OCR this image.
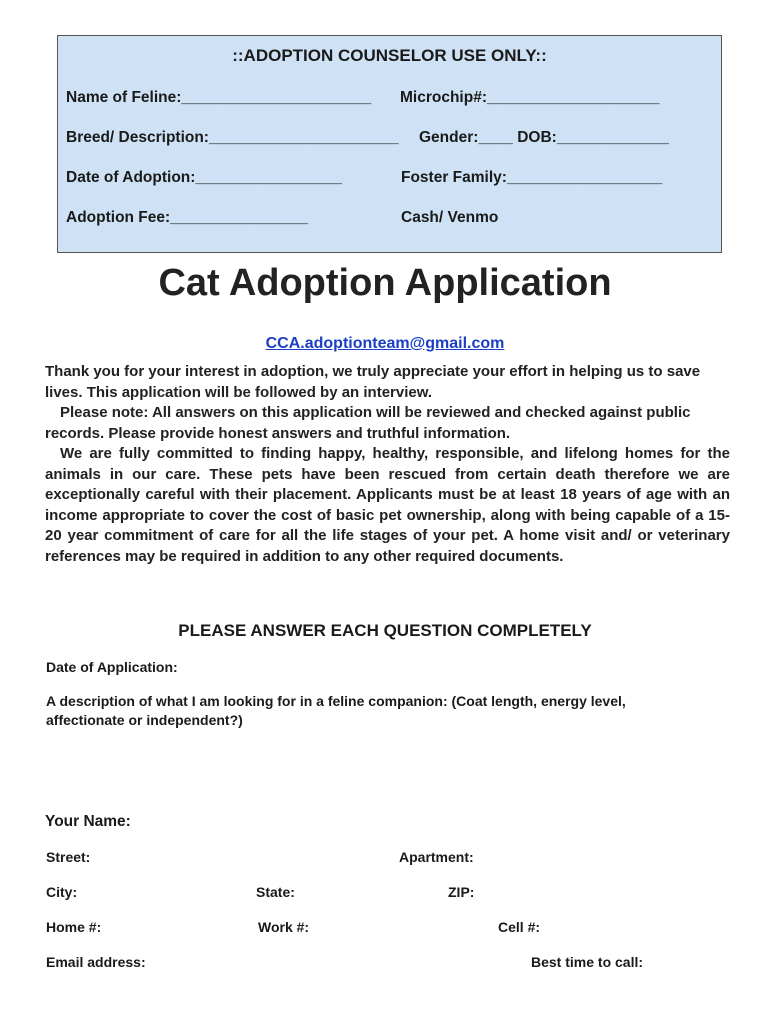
::ADOPTION COUNSELOR USE ONLY::
Name of Feline:______________________ Microchip#:____________________
Breed/ Description:______________________ Gender:____ DOB:_____________
Date of Adoption:_________________	Foster Family:__________________
Adoption Fee:________________	Cash/ Venmo
Cat Adoption Application
CCA.adoptionteam@gmail.com

Thank you for your interest in adoption, we truly appreciate your effort in helping us to save lives. This application will be followed by an interview.

Please note: All answers on this application will be reviewed and checked against public records. Please provide honest answers and truthful information.

We are fully committed to finding happy, healthy, responsible, and lifelong homes for the animals in our care. These pets have been rescued from certain death therefore we are exceptionally careful with their placement. Applicants must be at least 18 years of age with an income appropriate to cover the cost of basic pet ownership, along with being capable of a 15-20 year commitment of care for all the life stages of your pet. A home visit and/ or veterinary references may be required in addition to any other required documents.

PLEASE ANSWER EACH QUESTION COMPLETELY
Date of Application:
A description of what I am looking for in a feline companion: (Coat length, energy level, affectionate or independent?)
Your Name:
Street:	Apartment:
City:	State:	ZIP:
Home #:	Work #:	Cell #:
Email address:	Best time to call:
